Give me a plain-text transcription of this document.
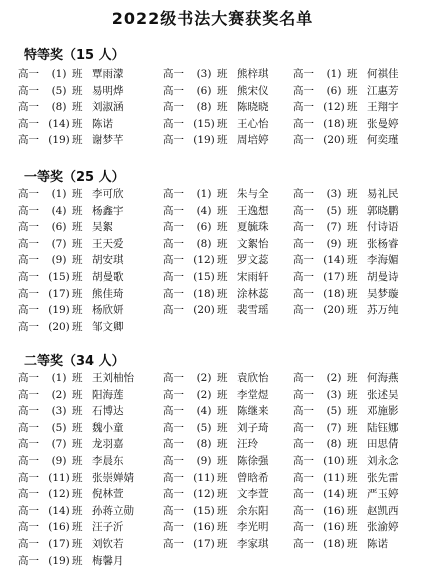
2022级书法大赛获奖名单
特等奖（15 人）
高一 (1) 班 覃雨濛	高一 (3) 班 熊梓琪	高一 (1) 班 何祺佳
高一 (5) 班 易明烨	高一 (6) 班 熊宋仪	高一 (6) 班 江惠芳
高一 (8) 班 刘淑涵	高一 (8) 班 陈晓晓	高一 (12) 班 王翔宇
高一 (14) 班 陈诺	高一 (15) 班 王心怡	高一 (18) 班 张曼婷
高一 (19) 班 谢梦芊	高一 (19) 班 周培婷	高一 (20) 班 何奕瑾
一等奖（25 人）
高一 (1) 班 李可欣	高一 (1) 班 朱与全	高一 (3) 班 易礼民
高一 (4) 班 杨鑫宇	高一 (4) 班 王逸想	高一 (5) 班 郭晓鹏
高一 (6) 班 吴絮	高一 (6) 班 夏毓珠	高一 (7) 班 付诗语
高一 (7) 班 王天爱	高一 (8) 班 文絮怡	高一 (9) 班 张杨睿
高一 (9) 班 胡安琪	高一 (12) 班 罗文蕊	高一 (14) 班 李海媚
高一 (15) 班 胡曼歌	高一 (15) 班 宋雨轩	高一 (17) 班 胡曼诗
高一 (17) 班 熊佳琦	高一 (18) 班 涂林蕊	高一 (18) 班 吴梦璇
高一 (19) 班 杨欣妍	高一 (20) 班 裴雪瑶	高一 (20) 班 苏万纯
高一 (20) 班 邹文卿
二等奖（34 人）
高一 (1) 班 王刘柚怡	高一 (2) 班 袁欣怡	高一 (2) 班 何海燕
高一 (2) 班 阳海莲	高一 (2) 班 李堂煜	高一 (3) 班 张述吴
高一 (3) 班 石博达	高一 (4) 班 陈继来	高一 (5) 班 邓施影
高一 (5) 班 魏小童	高一 (5) 班 刘子琦	高一 (7) 班 陆钰娜
高一 (7) 班 龙羽嘉	高一 (8) 班 汪玲	高一 (8) 班 田思倩
高一 (9) 班 李晨东	高一 (9) 班 陈徐强	高一 (10) 班 刘永念
高一 (11) 班 张崇婵婧	高一 (11) 班 曾晗希	高一 (11) 班 张先雷
高一 (12) 班 倪林萱	高一 (12) 班 文李萱	高一 (14) 班 严玉婷
高一 (14) 班 孙蒋立勋	高一 (15) 班 余东阳	高一 (16) 班 赵凯西
高一 (16) 班 汪子沂	高一 (16) 班 李光明	高一 (16) 班 张渝婷
高一 (17) 班 刘钦若	高一 (17) 班 李家琪	高一 (18) 班 陈诺
高一 (19) 班 梅馨月
